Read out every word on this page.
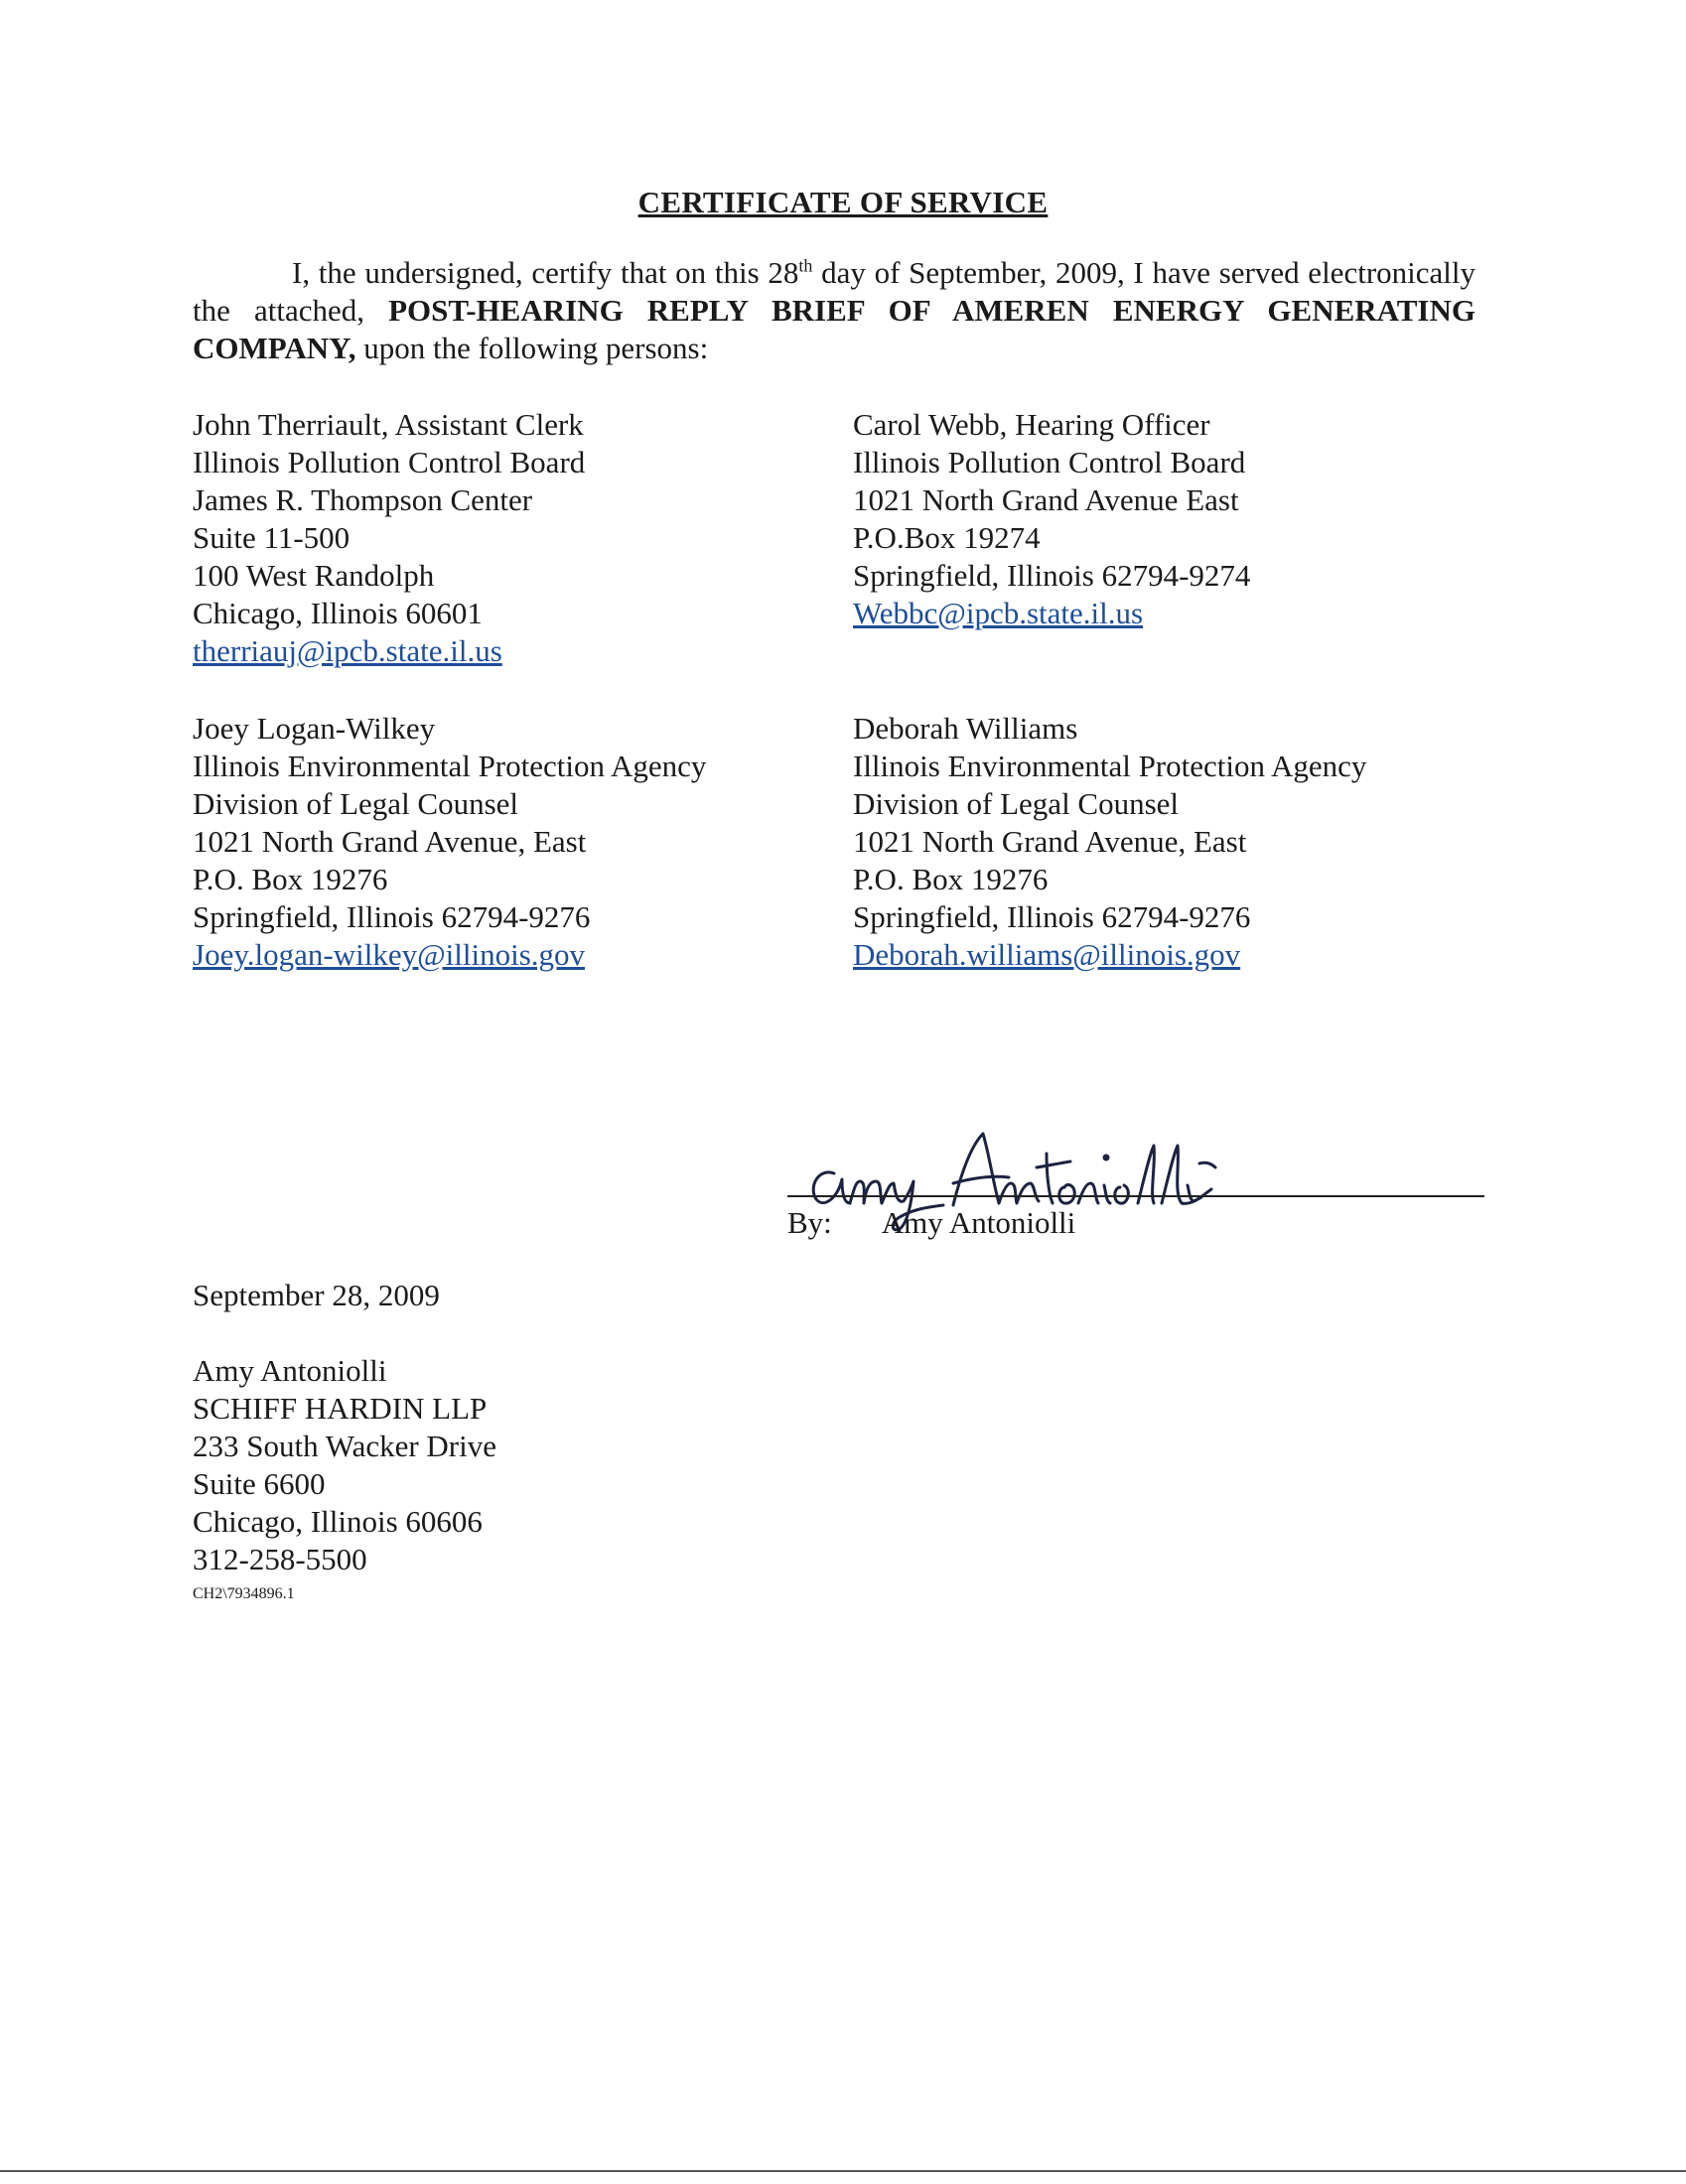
CERTIFICATE OF SERVICE
I, the undersigned, certify that on this 28th day of September, 2009, I have served electronically the attached, POST-HEARING REPLY BRIEF OF AMEREN ENERGY GENERATING COMPANY, upon the following persons:
John Therriault, Assistant Clerk
Illinois Pollution Control Board
James R. Thompson Center
Suite 11-500
100 West Randolph
Chicago, Illinois 60601
therriauj@ipcb.state.il.us
Carol Webb, Hearing Officer
Illinois Pollution Control Board
1021 North Grand Avenue East
P.O.Box 19274
Springfield, Illinois 62794-9274
Webbc@ipcb.state.il.us
Joey Logan-Wilkey
Illinois Environmental Protection Agency
Division of Legal Counsel
1021 North Grand Avenue, East
P.O. Box 19276
Springfield, Illinois 62794-9276
Joey.logan-wilkey@illinois.gov
Deborah Williams
Illinois Environmental Protection Agency
Division of Legal Counsel
1021 North Grand Avenue, East
P.O. Box 19276
Springfield, Illinois 62794-9276
Deborah.williams@illinois.gov
By: Amy Antoniolli
September 28, 2009
Amy Antoniolli
SCHIFF HARDIN LLP
233 South Wacker Drive
Suite 6600
Chicago, Illinois 60606
312-258-5500
CH2\7934896.1
